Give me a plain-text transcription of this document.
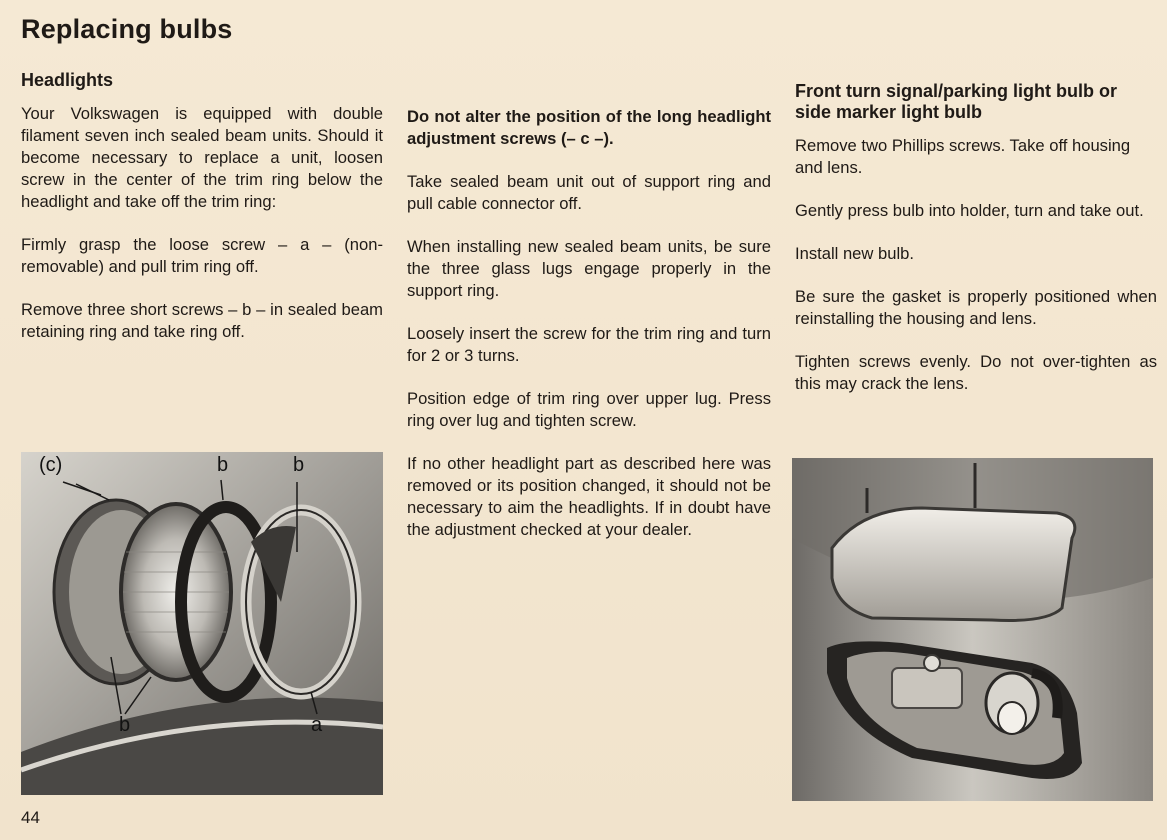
Replacing bulbs
Headlights

Your Volkswagen is equipped with double filament seven inch sealed beam units. Should it become necessary to replace a unit, loosen screw in the center of the trim ring below the headlight and take off the trim ring:

Firmly grasp the loose screw – a – (non-removable) and pull trim ring off.

Remove three short screws – b – in sealed beam retaining ring and take ring off.

Do not alter the position of the long headlight adjustment screws (– c –).

Take sealed beam unit out of support ring and pull cable connector off.

When installing new sealed beam units, be sure the three glass lugs engage properly in the support ring.

Loosely insert the screw for the trim ring and turn for 2 or 3 turns.

Position edge of trim ring over upper lug. Press ring over lug and tighten screw.

If no other headlight part as described here was removed or its position changed, it should not be necessary to aim the headlights. If in doubt have the adjustment checked at your dealer.

Front turn signal/parking light bulb or side marker light bulb

Remove two Phillips screws. Take off housing and lens.

Gently press bulb into holder, turn and take out.

Install new bulb.

Be sure the gasket is properly positioned when reinstalling the housing and lens.

Tighten screws evenly. Do not over-tighten as this may crack the lens.

(c)	b	b
b	a
44
